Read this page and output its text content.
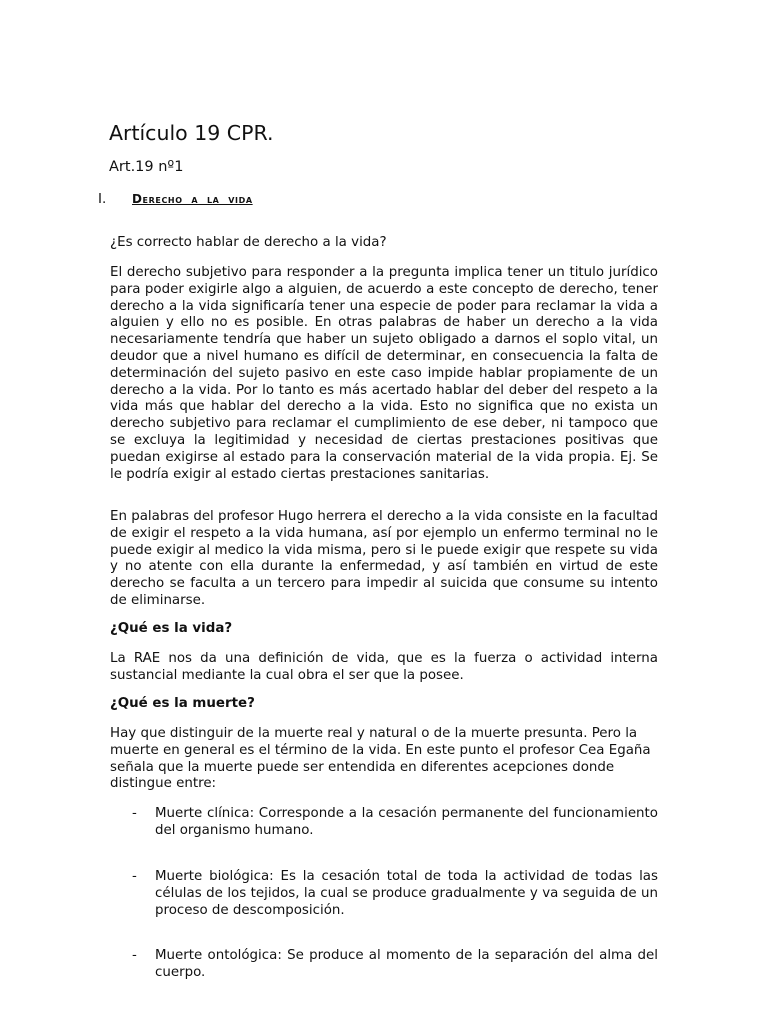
Artículo 19 CPR.
Art.19 nº1
I. Derecho a la vida

¿Es correcto hablar de derecho a la vida?

El derecho subjetivo para responder a la pregunta implica tener un titulo jurídico para poder exigirle algo a alguien, de acuerdo a este concepto de derecho, tener derecho a la vida significaría tener una especie de poder para reclamar la vida a alguien y ello no es posible. En otras palabras de haber un derecho a la vida necesariamente tendría que haber un sujeto obligado a darnos el soplo vital, un deudor que a nivel humano es difícil de determinar, en consecuencia la falta de determinación del sujeto pasivo en este caso impide hablar propiamente de un derecho a la vida. Por lo tanto es más acertado hablar del deber del respeto a la vida más que hablar del derecho a la vida. Esto no significa que no exista un derecho subjetivo para reclamar el cumplimiento de ese deber, ni tampoco que se excluya la legitimidad y necesidad de ciertas prestaciones positivas que puedan exigirse al estado para la conservación material de la vida propia. Ej. Se le podría exigir al estado ciertas prestaciones sanitarias.

En palabras del profesor Hugo herrera el derecho a la vida consiste en la facultad de exigir el respeto a la vida humana, así por ejemplo un enfermo terminal no le puede exigir al medico la vida misma, pero si le puede exigir que respete su vida y no atente con ella durante la enfermedad, y así también en virtud de este derecho se faculta a un tercero para impedir al suicida que consume su intento de eliminarse.

¿Qué es la vida?

La RAE nos da una definición de vida, que es la fuerza o actividad interna sustancial mediante la cual obra el ser que la posee.

¿Qué es la muerte?

Hay que distinguir de la muerte real y natural o de la muerte presunta. Pero la muerte en general es el término de la vida. En este punto el profesor Cea Egaña señala que la muerte puede ser entendida en diferentes acepciones donde distingue entre:

-	Muerte clínica: Corresponde a la cesación permanente del funcionamiento del organismo humano.
-	Muerte biológica: Es la cesación total de toda la actividad de todas las células de los tejidos, la cual se produce gradualmente y va seguida de un proceso de descomposición.
-	Muerte ontológica: Se produce al momento de la separación del alma del cuerpo.
